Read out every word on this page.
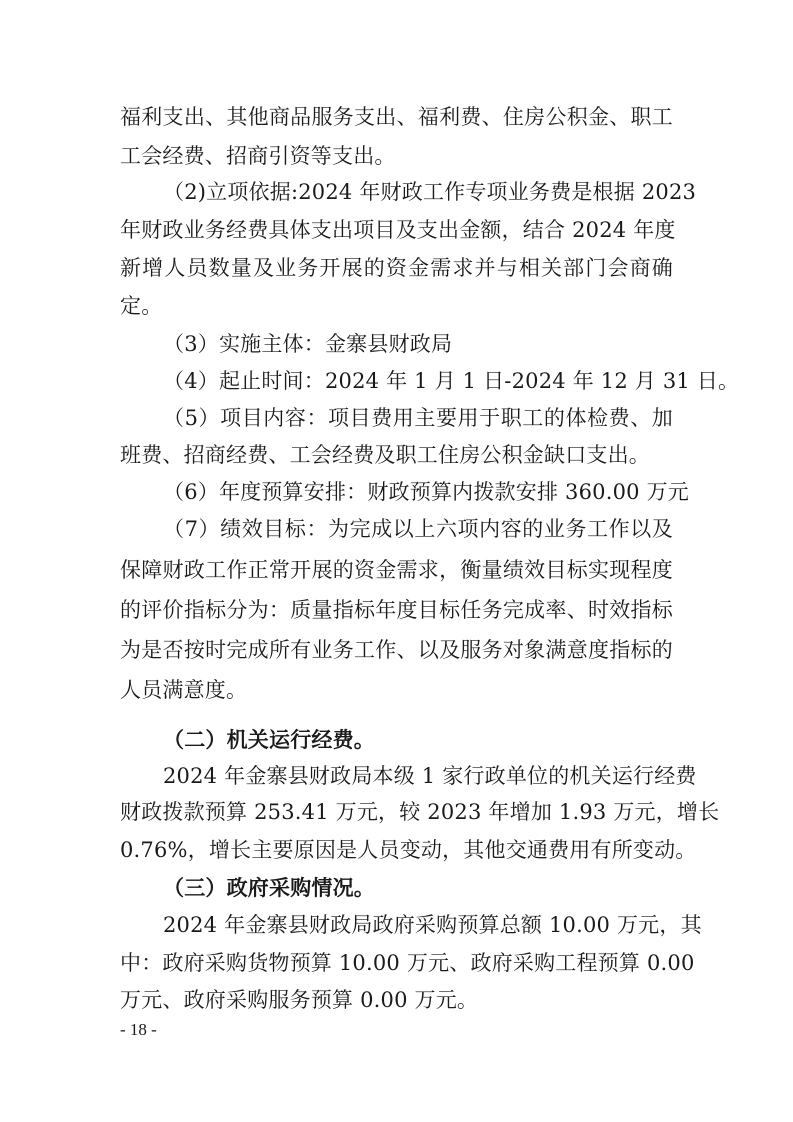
福利支出、其他商品服务支出、福利费、住房公积金、职工
工会经费、招商引资等支出。
（2)立项依据:2024 年财政工作专项业务费是根据 2023
年财政业务经费具体支出项目及支出金额，结合 2024 年度
新增人员数量及业务开展的资金需求并与相关部门会商确
定。
（3）实施主体：金寨县财政局
（4）起止时间：2024 年 1 月 1 日-2024 年 12 月 31 日。
（5）项目内容：项目费用主要用于职工的体检费、加
班费、招商经费、工会经费及职工住房公积金缺口支出。
（6）年度预算安排：财政预算内拨款安排 360.00 万元
（7）绩效目标：为完成以上六项内容的业务工作以及
保障财政工作正常开展的资金需求，衡量绩效目标实现程度
的评价指标分为：质量指标年度目标任务完成率、时效指标
为是否按时完成所有业务工作、以及服务对象满意度指标的
人员满意度。
（二）机关运行经费。
2024 年金寨县财政局本级 1 家行政单位的机关运行经费
财政拨款预算 253.41 万元，较 2023 年增加 1.93 万元，增长
0.76%，增长主要原因是人员变动，其他交通费用有所变动。
（三）政府采购情况。
2024 年金寨县财政局政府采购预算总额 10.00 万元，其
中：政府采购货物预算 10.00 万元、政府采购工程预算 0.00
万元、政府采购服务预算 0.00 万元。
- 18 -
